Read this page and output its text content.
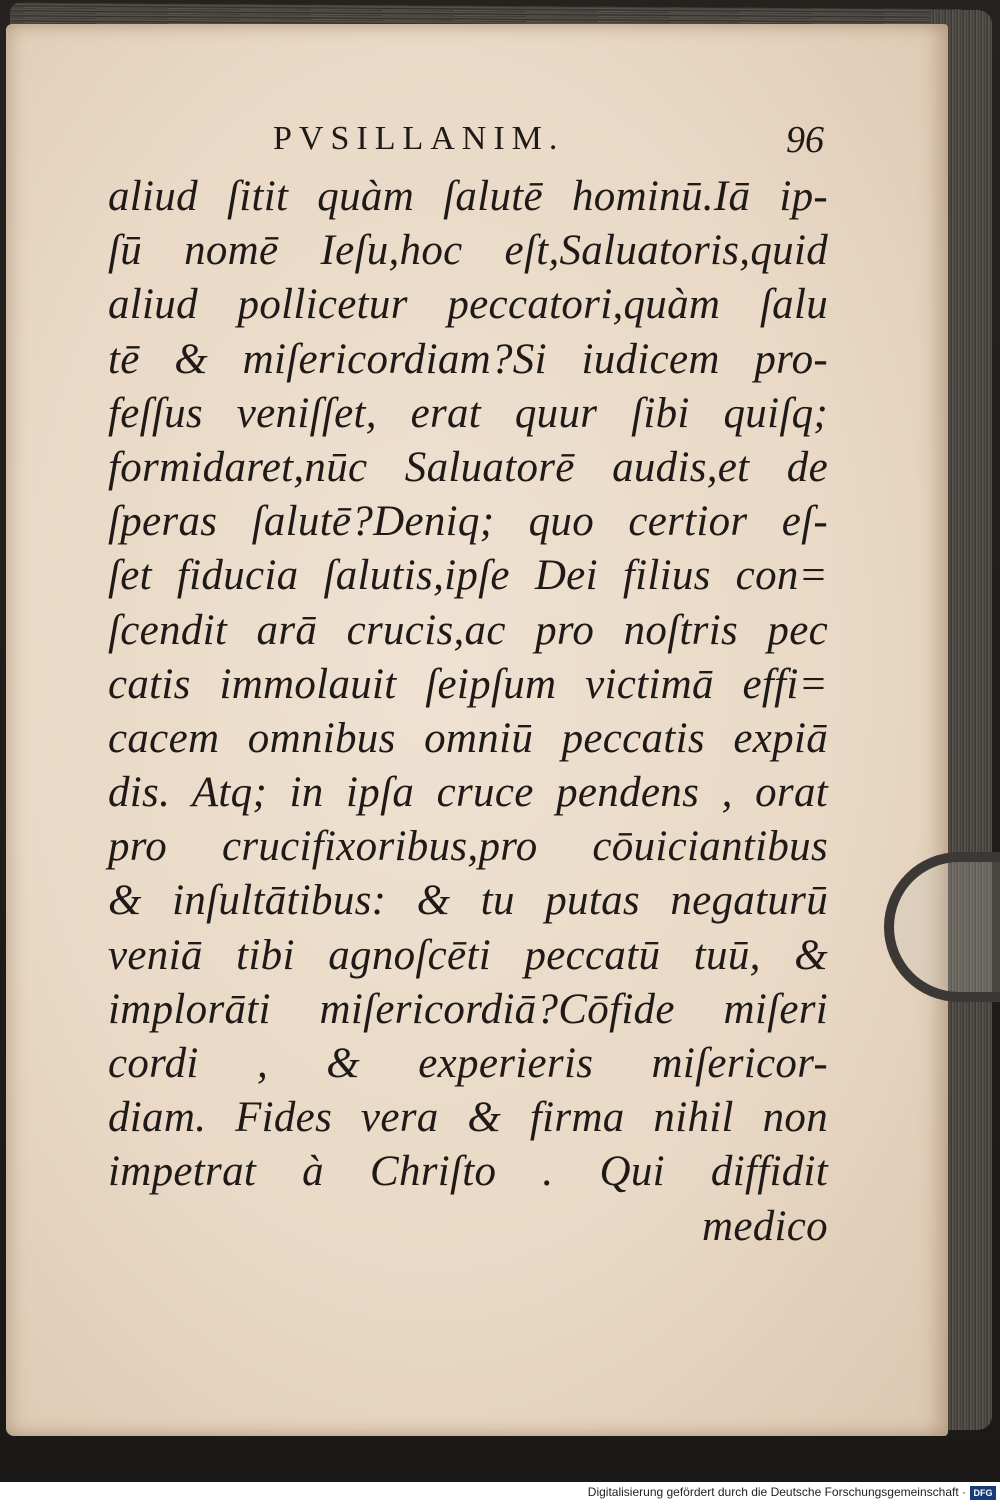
PVSILLANIM.	96
aliud ſitit quàm ſalutē hominū.Iā ip-
ſū nomē Ieſu,hoc eſt,Saluatoris,quid
aliud pollicetur peccatori,quàm ſalu
tē & miſericordiam?Si iudicem pro-
feſſus veniſſet, erat quur ſibi quiſq;
formidaret,nūc Saluatorē audis,et de
ſperas ſalutē?Deniq; quo certior eſ-
ſet fiducia ſalutis,ipſe Dei filius con=
ſcendit arā crucis,ac pro noſtris pec
catis immolauit ſeipſum victimā effi=
cacem omnibus omniū peccatis expiā
dis. Atq; in ipſa cruce pendens , orat
pro crucifixoribus,pro cōuiciantibus
& inſultātibus: & tu putas negaturū
veniā tibi agnoſcēti peccatū tuū, &
implorāti miſericordiā?Cōfide miſeri
cordi , & experieris miſericor-
diam. Fides vera & firma nihil non
impetrat à Chriſto . Qui diffidit
medico
Digitalisierung gefördert durch die Deutsche Forschungsgemeinschaft · DFG
